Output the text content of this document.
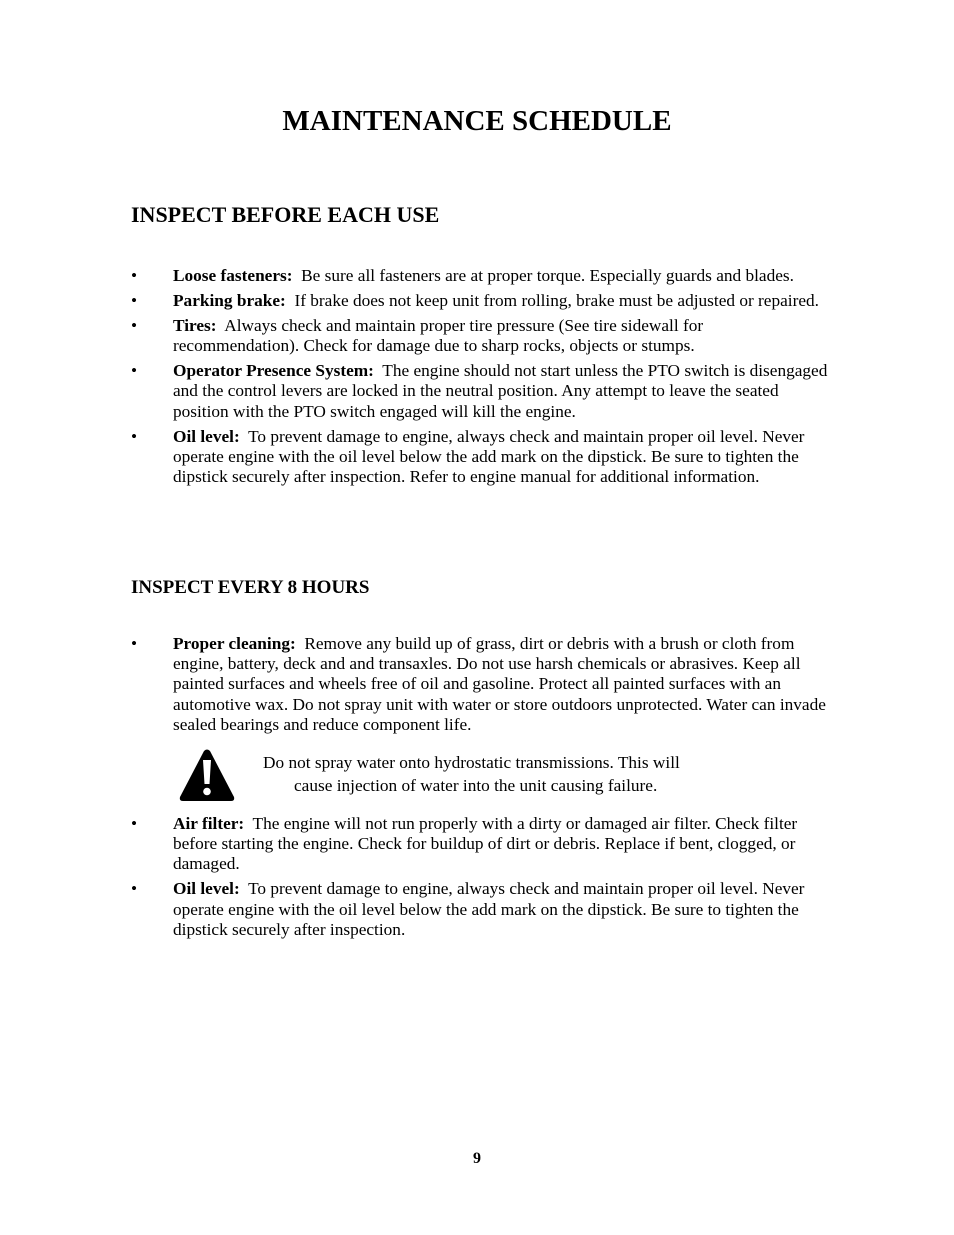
MAINTENANCE SCHEDULE
INSPECT BEFORE EACH USE
• Loose fasteners: Be sure all fasteners are at proper torque. Especially guards and blades.
• Parking brake: If brake does not keep unit from rolling, brake must be adjusted or repaired.
• Tires: Always check and maintain proper tire pressure (See tire sidewall for recommendation). Check for damage due to sharp rocks, objects or stumps.
• Operator Presence System: The engine should not start unless the PTO switch is disengaged and the control levers are locked in the neutral position. Any attempt to leave the seated position with the PTO switch engaged will kill the engine.
• Oil level: To prevent damage to engine, always check and maintain proper oil level. Never operate engine with the oil level below the add mark on the dipstick. Be sure to tighten the dipstick securely after inspection. Refer to engine manual for additional information.
INSPECT EVERY 8 HOURS
• Proper cleaning: Remove any build up of grass, dirt or debris with a brush or cloth from engine, battery, deck and and transaxles. Do not use harsh chemicals or abrasives. Keep all painted surfaces and wheels free of oil and gasoline. Protect all painted surfaces with an automotive wax. Do not spray unit with water or store outdoors unprotected. Water can invade sealed bearings and reduce component life.
Do not spray water onto hydrostatic transmissions. This will
cause injection of water into the unit causing failure.
• Air filter: The engine will not run properly with a dirty or damaged air filter. Check filter before starting the engine. Check for buildup of dirt or debris. Replace if bent, clogged, or damaged.
• Oil level: To prevent damage to engine, always check and maintain proper oil level. Never operate engine with the oil level below the add mark on the dipstick. Be sure to tighten the dipstick securely after inspection.
9
